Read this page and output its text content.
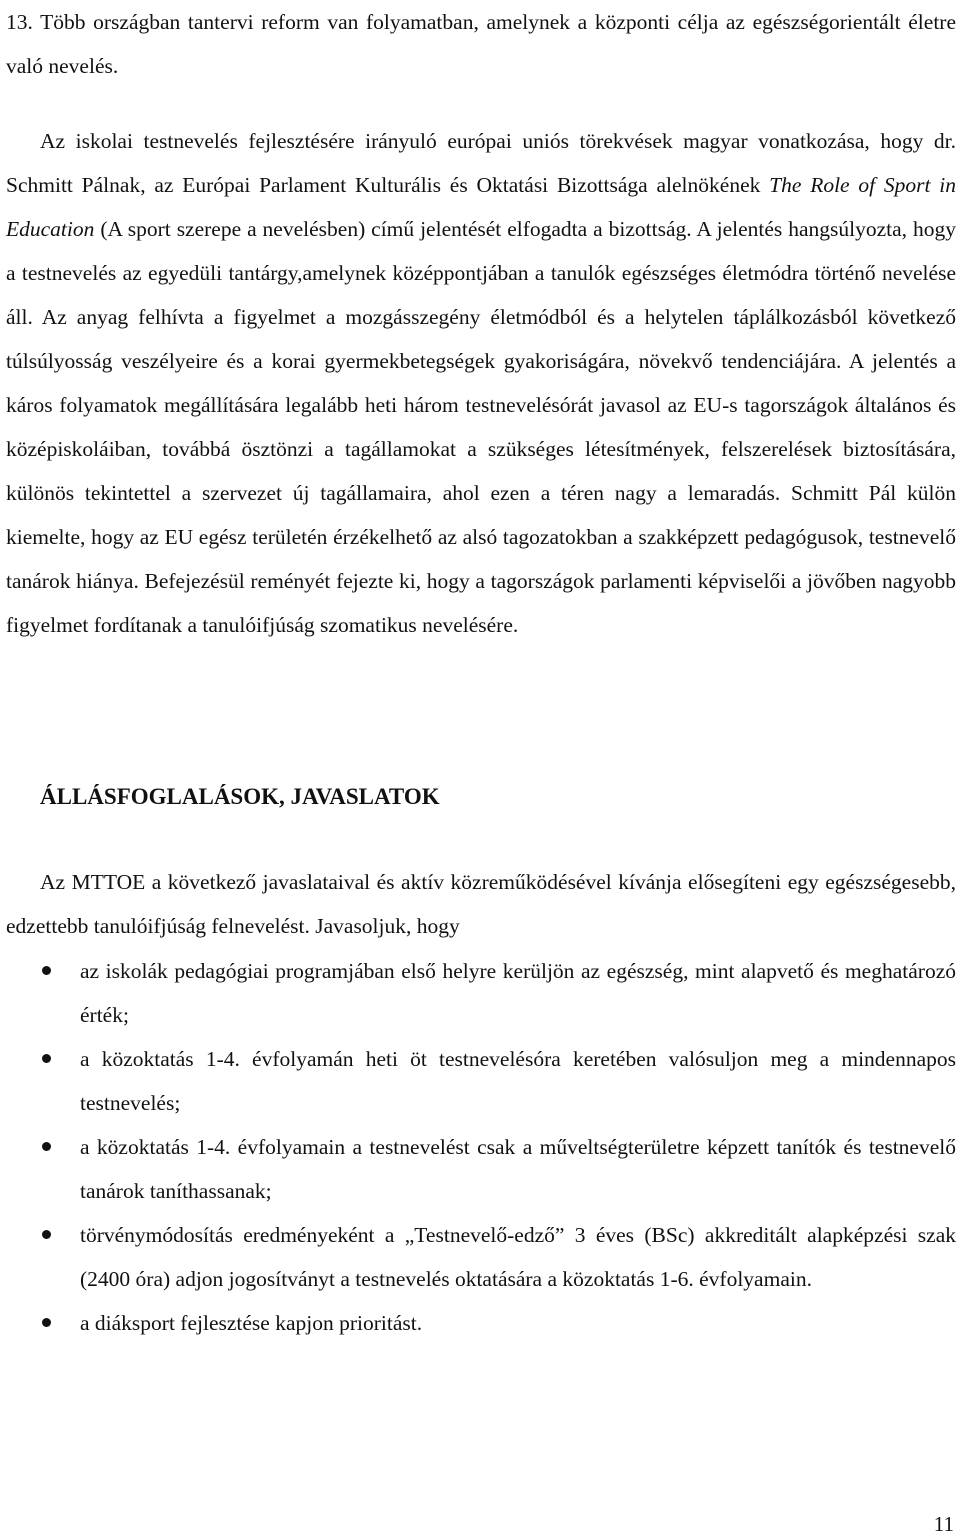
13. Több országban tantervi reform van folyamatban, amelynek a központi célja az egészségorientált életre való nevelés.

Az iskolai testnevelés fejlesztésére irányuló európai uniós törekvések magyar vonatkozása, hogy dr. Schmitt Pálnak, az Európai Parlament Kulturális és Oktatási Bizottsága alelnökének The Role of Sport in Education (A sport szerepe a nevelésben) című jelentését elfogadta a bizottság. A jelentés hangsúlyozta, hogy a testnevelés az egyedüli tantárgy,amelynek középpontjában a tanulók egészséges életmódra történő nevelése áll. Az anyag felhívta a figyelmet a mozgásszegény életmódból és a helytelen táplálkozásból következő túlsúlyosság veszélyeire és a korai gyermekbetegségek gyakoriságára, növekvő tendenciájára. A jelentés a káros folyamatok megállítására legalább heti három testnevelésórát javasol az EU-s tagországok általános és középiskoláiban, továbbá ösztönzi a tagállamokat a szükséges létesítmények, felszerelések biztosítására, különös tekintettel a szervezet új tagállamaira, ahol ezen a téren nagy a lemaradás. Schmitt Pál külön kiemelte, hogy az EU egész területén érzékelhető az alsó tagozatokban a szakképzett pedagógusok, testnevelő tanárok hiánya. Befejezésül reményét fejezte ki, hogy a tagországok parlamenti képviselői a jövőben nagyobb figyelmet fordítanak a tanulóifjúság szomatikus nevelésére.

ÁLLÁSFOGLALÁSOK, JAVASLATOK

Az MTTOE a következő javaslataival és aktív közreműködésével kívánja elősegíteni egy egészségesebb, edzettebb tanulóifjúság felnevelést. Javasoljuk, hogy

az iskolák pedagógiai programjában első helyre kerüljön az egészség, mint alapvető és meghatározó érték;
a közoktatás 1-4. évfolyamán heti öt testnevelésóra keretében valósuljon meg a mindennapos testnevelés;
a közoktatás 1-4. évfolyamain a testnevelést csak a műveltségterületre képzett tanítók és testnevelő tanárok taníthassanak;
törvénymódosítás eredményeként a „Testnevelő-edző” 3 éves (BSc) akkreditált alapképzési szak (2400 óra) adjon jogosítványt a testnevelés oktatására a közoktatás 1-6. évfolyamain.
a diáksport fejlesztése kapjon prioritást.
11
